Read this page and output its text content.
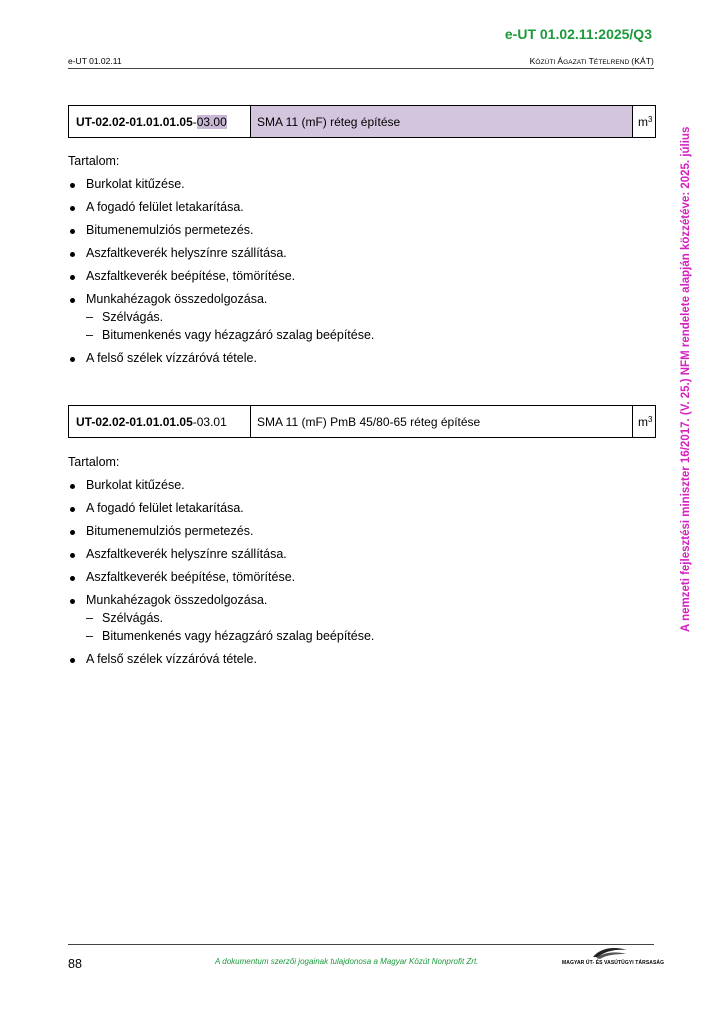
e-UT 01.02.11:2025/Q3
e-UT 01.02.11	KÖZÚTI ÁGAZATI TÉTELREND (KÁT)
A nemzeti fejlesztési miniszter 16/2017. (V. 25.) NFM rendelete alapján közzétéve: 2025. július
UT-02.02-01.01.01.05 - 03.00	SMA 11 (mF) réteg építése	$m^3$
Tartalom:
Burkolat kitűzése.
A fogadó felület letakarítása.
Bitumenemulziós permetezés.
Aszfaltkeverék helyszínre szállítása.
Aszfaltkeverék beépítése, tömörítése.
Munkahézagok összedolgozása.
– Szélvágás.
– Bitumenkenés vagy hézagzáró szalag beépítése.
A felső szélek vízzáróvá tétele.
UT-02.02-01.01.01.05 - 03.01	SMA 11 (mF) PmB 45/80-65 réteg építése	$m^3$
Tartalom:
Burkolat kitűzése.
A fogadó felület letakarítása.
Bitumenemulziós permetezés.
Aszfaltkeverék helyszínre szállítása.
Aszfaltkeverék beépítése, tömörítése.
Munkahézagok összedolgozása.
– Szélvágás.
– Bitumenkenés vagy hézagzáró szalag beépítése.
A felső szélek vízzáróvá tétele.
88	A dokumentum szerzői jogainak tulajdonosa a Magyar Közút Nonprofit Zrt.	MAGYAR ÚT- ÉS VASÚTÜGYI TÁRSASÁG
